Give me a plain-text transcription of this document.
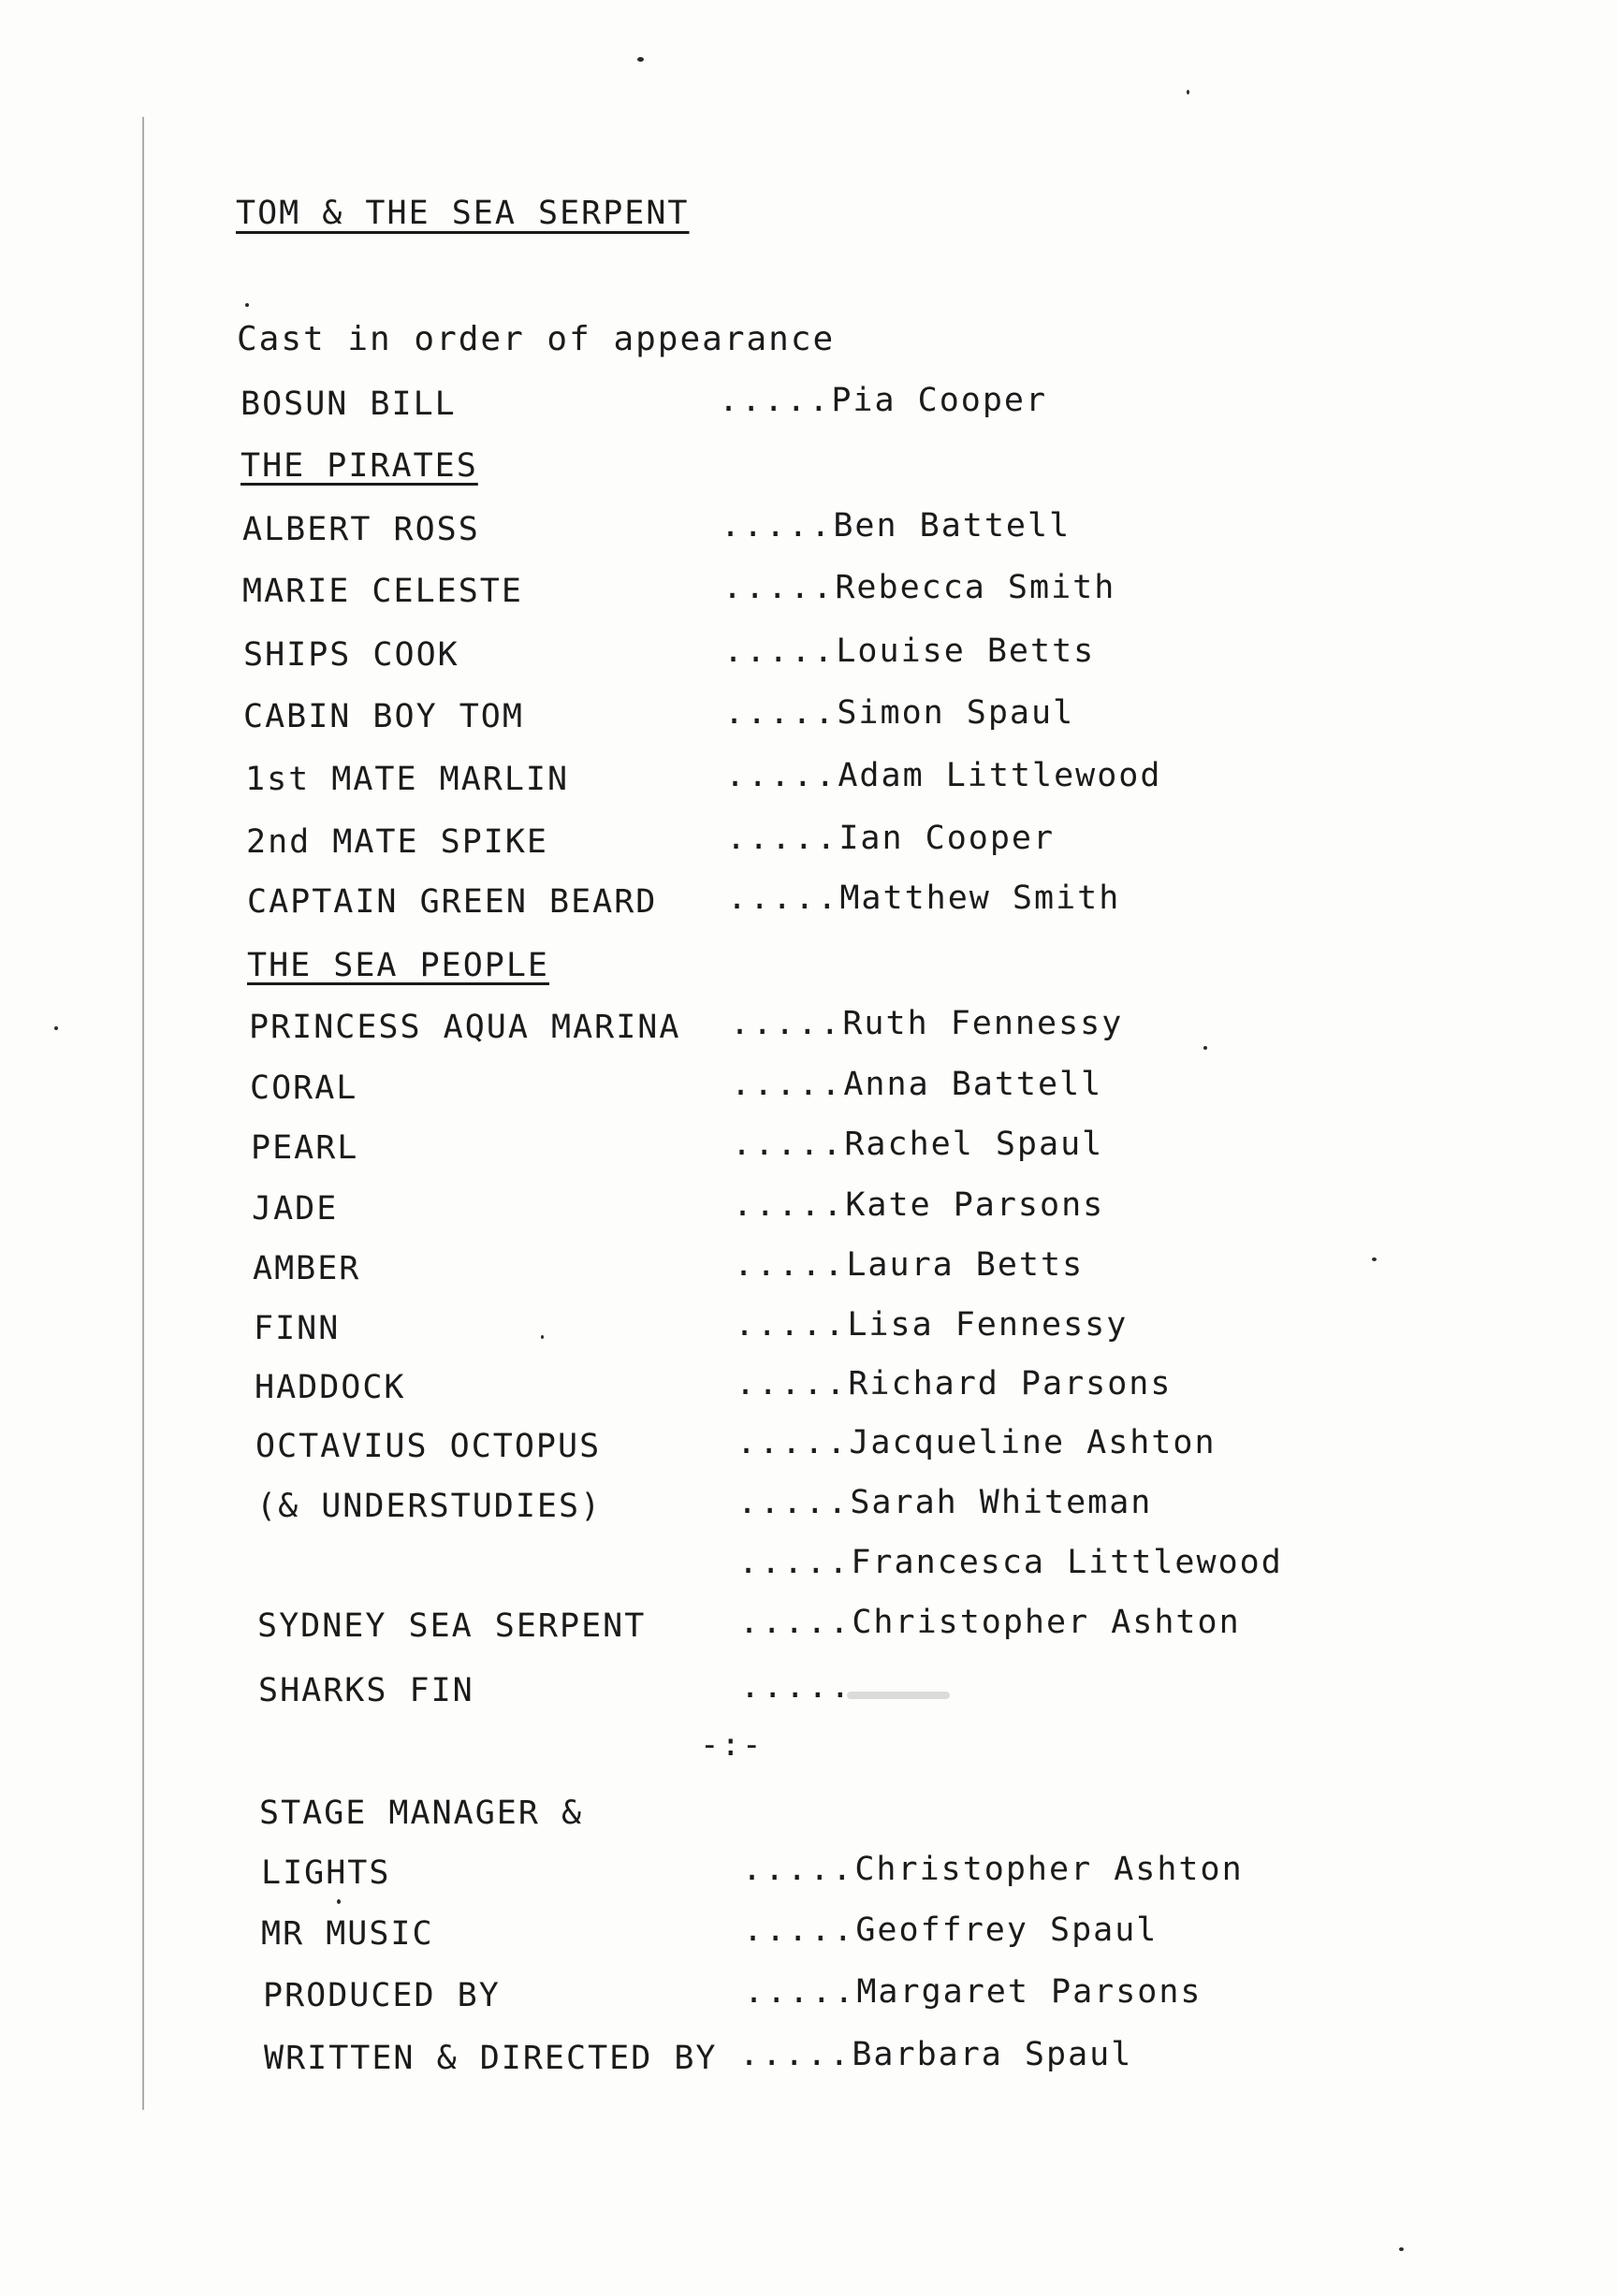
TOM & THE SEA SERPENT
Cast in order of appearance
BOSUN BILL	.....Pia Cooper
THE PIRATES
ALBERT ROSS	.....Ben Battell
MARIE CELESTE	.....Rebecca Smith
SHIPS COOK	.....Louise Betts
CABIN BOY TOM	.....Simon Spaul
1st MATE MARLIN	.....Adam Littlewood
2nd MATE SPIKE	.....Ian Cooper
CAPTAIN GREEN BEARD .....Matthew Smith
THE SEA PEOPLE
PRINCESS AQUA MARINA .....Ruth Fennessy
CORAL	.....Anna Battell
PEARL	.....Rachel Spaul
JADE	.....Kate Parsons
AMBER	.....Laura Betts
FINN	.....Lisa Fennessy
HADDOCK	.....Richard Parsons
OCTAVIUS OCTOPUS	.....Jacqueline Ashton
(& UNDERSTUDIES)	.....Sarah Whiteman
.....Francesca Littlewood
SYDNEY SEA SERPENT	.....Christopher Ashton
SHARKS FIN	.....
-:-
STAGE MANAGER &
LIGHTS	.....Christopher Ashton
MR MUSIC	.....Geoffrey Spaul
PRODUCED BY	.....Margaret Parsons
WRITTEN & DIRECTED BY .....Barbara Spaul
